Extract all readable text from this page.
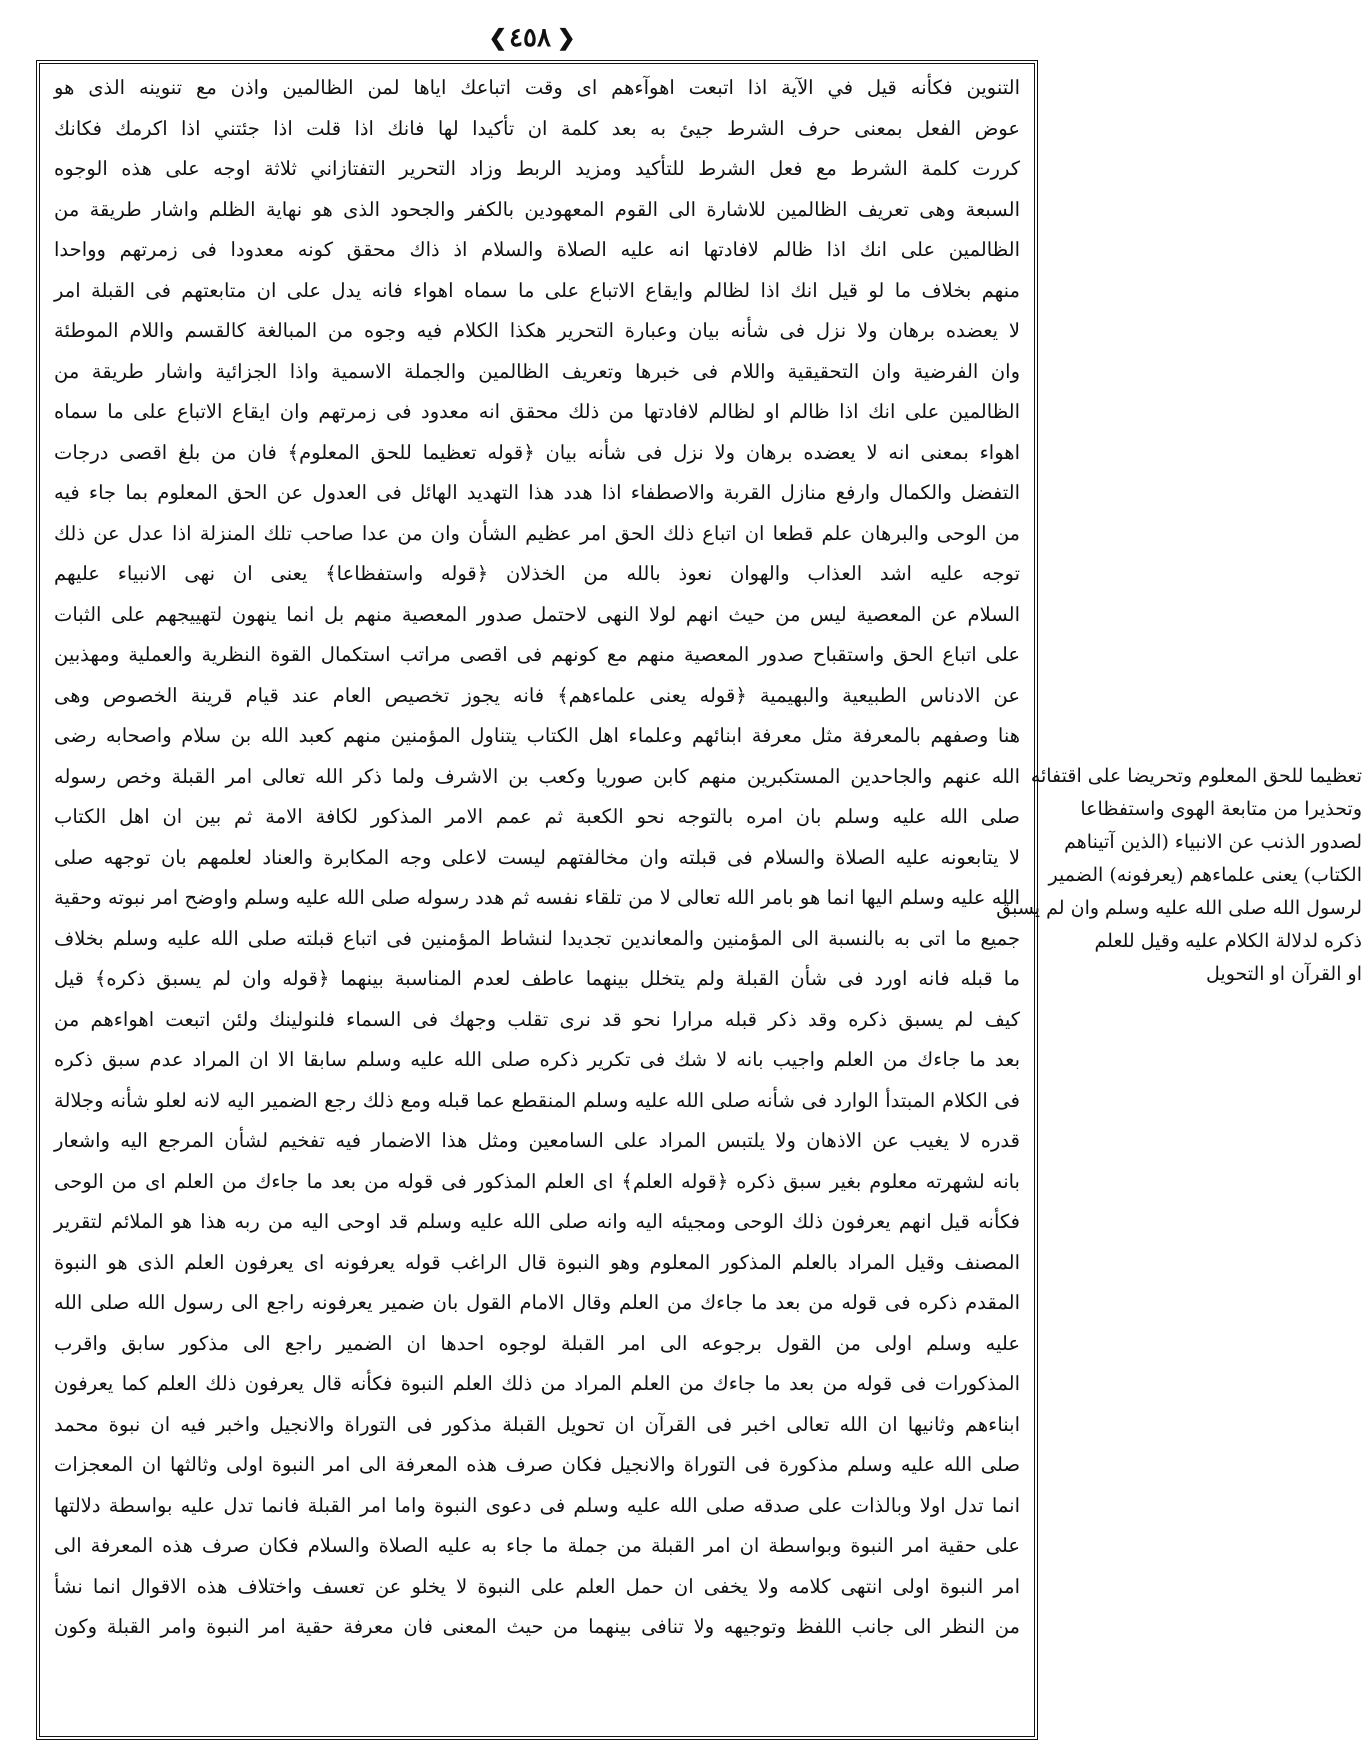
❮ ٤٥٨ ❯
التنوين فكأنه قيل في الآية اذا اتبعت اهوآءهم اى وقت اتباعك اياها لمن الظالمين واذن مع تنوينه الذى هو
عوض الفعل بمعنى حرف الشرط جيئ به بعد كلمة ان تأكيدا لها فانك اذا قلت اذا جئتني اذا اكرمك فكانك
كررت كلمة الشرط مع فعل الشرط للتأكيد ومزيد الربط وزاد التحرير التفتازاني ثلاثة اوجه على هذه الوجوه
السبعة وهى تعريف الظالمين للاشارة الى القوم المعهودين بالكفر والجحود الذى هو نهاية الظلم واشار طريقة من
الظالمين على انك اذا ظالم لافادتها انه عليه الصلاة والسلام اذ ذاك محقق كونه معدودا فى زمرتهم وواحدا
منهم بخلاف ما لو قيل انك اذا لظالم وايقاع الاتباع على ما سماه اهواء فانه يدل على ان متابعتهم فى القبلة امر
لا يعضده برهان ولا نزل فى شأنه بيان وعبارة التحرير هكذا الكلام فيه وجوه من المبالغة كالقسم واللام الموطئة
وان الفرضية وان التحقيقية واللام فى خبرها وتعريف الظالمين والجملة الاسمية واذا الجزائية واشار طريقة من
الظالمين على انك اذا ظالم او لظالم لافادتها من ذلك محقق انه معدود فى زمرتهم وان ايقاع الاتباع على ما سماه
اهواء بمعنى انه لا يعضده برهان ولا نزل فى شأنه بيان ﴿قوله تعظيما للحق المعلوم﴾ فان من بلغ اقصى درجات
التفضل والكمال وارفع منازل القربة والاصطفاء اذا هدد هذا التهديد الهائل فى العدول عن الحق المعلوم بما جاء فيه
من الوحى والبرهان علم قطعا ان اتباع ذلك الحق امر عظيم الشأن وان من عدا صاحب تلك المنزلة اذا عدل عن ذلك
توجه عليه اشد العذاب والهوان نعوذ بالله من الخذلان ﴿قوله واستفظاعا﴾ يعنى ان نهى الانبياء عليهم
السلام عن المعصية ليس من حيث انهم لولا النهى لاحتمل صدور المعصية منهم بل انما ينهون لتهييجهم على الثبات
على اتباع الحق واستقباح صدور المعصية منهم مع كونهم فى اقصى مراتب استكمال القوة النظرية والعملية ومهذبين
عن الادناس الطبيعية والبهيمية ﴿قوله يعنى علماءهم﴾ فانه يجوز تخصيص العام عند قيام قرينة الخصوص وهى
هنا وصفهم بالمعرفة مثل معرفة ابنائهم وعلماء اهل الكتاب يتناول المؤمنين منهم كعبد الله بن سلام واصحابه رضى
الله عنهم والجاحدين المستكبرين منهم كابن صوريا وكعب بن الاشرف ولما ذكر الله تعالى امر القبلة وخص رسوله
صلى الله عليه وسلم بان امره بالتوجه نحو الكعبة ثم عمم الامر المذكور لكافة الامة ثم بين ان اهل الكتاب
لا يتابعونه عليه الصلاة والسلام فى قبلته وان مخالفتهم ليست لاعلى وجه المكابرة والعناد لعلمهم بان توجهه صلى
الله عليه وسلم اليها انما هو بامر الله تعالى لا من تلقاء نفسه ثم هدد رسوله صلى الله عليه وسلم واوضح امر نبوته وحقية
جميع ما اتى به بالنسبة الى المؤمنين والمعاندين تجديدا لنشاط المؤمنين فى اتباع قبلته صلى الله عليه وسلم بخلاف
ما قبله فانه اورد فى شأن القبلة ولم يتخلل بينهما عاطف لعدم المناسبة بينهما ﴿قوله وان لم يسبق ذكره﴾ قيل
كيف لم يسبق ذكره وقد ذكر قبله مرارا نحو قد نرى تقلب وجهك فى السماء فلنولينك ولئن اتبعت اهواءهم من
بعد ما جاءك من العلم واجيب بانه لا شك فى تكرير ذكره صلى الله عليه وسلم سابقا الا ان المراد عدم سبق ذكره
فى الكلام المبتدأ الوارد فى شأنه صلى الله عليه وسلم المنقطع عما قبله ومع ذلك رجع الضمير اليه لانه لعلو شأنه وجلالة
قدره لا يغيب عن الاذهان ولا يلتبس المراد على السامعين ومثل هذا الاضمار فيه تفخيم لشأن المرجع اليه واشعار
بانه لشهرته معلوم بغير سبق ذكره ﴿قوله العلم﴾ اى العلم المذكور فى قوله من بعد ما جاءك من العلم اى من الوحى
فكأنه قيل انهم يعرفون ذلك الوحى ومجيئه اليه وانه صلى الله عليه وسلم قد اوحى اليه من ربه هذا هو الملائم لتقرير
المصنف وقيل المراد بالعلم المذكور المعلوم وهو النبوة قال الراغب قوله يعرفونه اى يعرفون العلم الذى هو النبوة
المقدم ذكره فى قوله من بعد ما جاءك من العلم وقال الامام القول بان ضمير يعرفونه راجع الى رسول الله صلى الله
عليه وسلم اولى من القول برجوعه الى امر القبلة لوجوه احدها ان الضمير راجع الى مذكور سابق واقرب
المذكورات فى قوله من بعد ما جاءك من العلم المراد من ذلك العلم النبوة فكأنه قال يعرفون ذلك العلم كما يعرفون
ابناءهم وثانيها ان الله تعالى اخبر فى القرآن ان تحويل القبلة مذكور فى التوراة والانجيل واخبر فيه ان نبوة محمد
صلى الله عليه وسلم مذكورة فى التوراة والانجيل فكان صرف هذه المعرفة الى امر النبوة اولى وثالثها ان المعجزات
انما تدل اولا وبالذات على صدقه صلى الله عليه وسلم فى دعوى النبوة واما امر القبلة فانما تدل عليه بواسطة دلالتها
على حقية امر النبوة وبواسطة ان امر القبلة من جملة ما جاء به عليه الصلاة والسلام فكان صرف هذه المعرفة الى
امر النبوة اولى انتهى كلامه ولا يخفى ان حمل العلم على النبوة لا يخلو عن تعسف واختلاف هذه الاقوال انما نشأ
من النظر الى جانب اللفظ وتوجيهه ولا تنافى بينهما من حيث المعنى فان معرفة حقية امر النبوة وامر القبلة وكون
تعظيما للحق المعلوم وتحريضا على اقتفائه
وتحذيرا من متابعة الهوى واستفظاعا
لصدور الذنب عن الانبياء (الذين آتيناهم
الكتاب) يعنى علماءهم (يعرفونه) الضمير
لرسول الله صلى الله عليه وسلم وان لم يسبق
ذكره لدلالة الكلام عليه وقيل للعلم
او القرآن او التحويل
